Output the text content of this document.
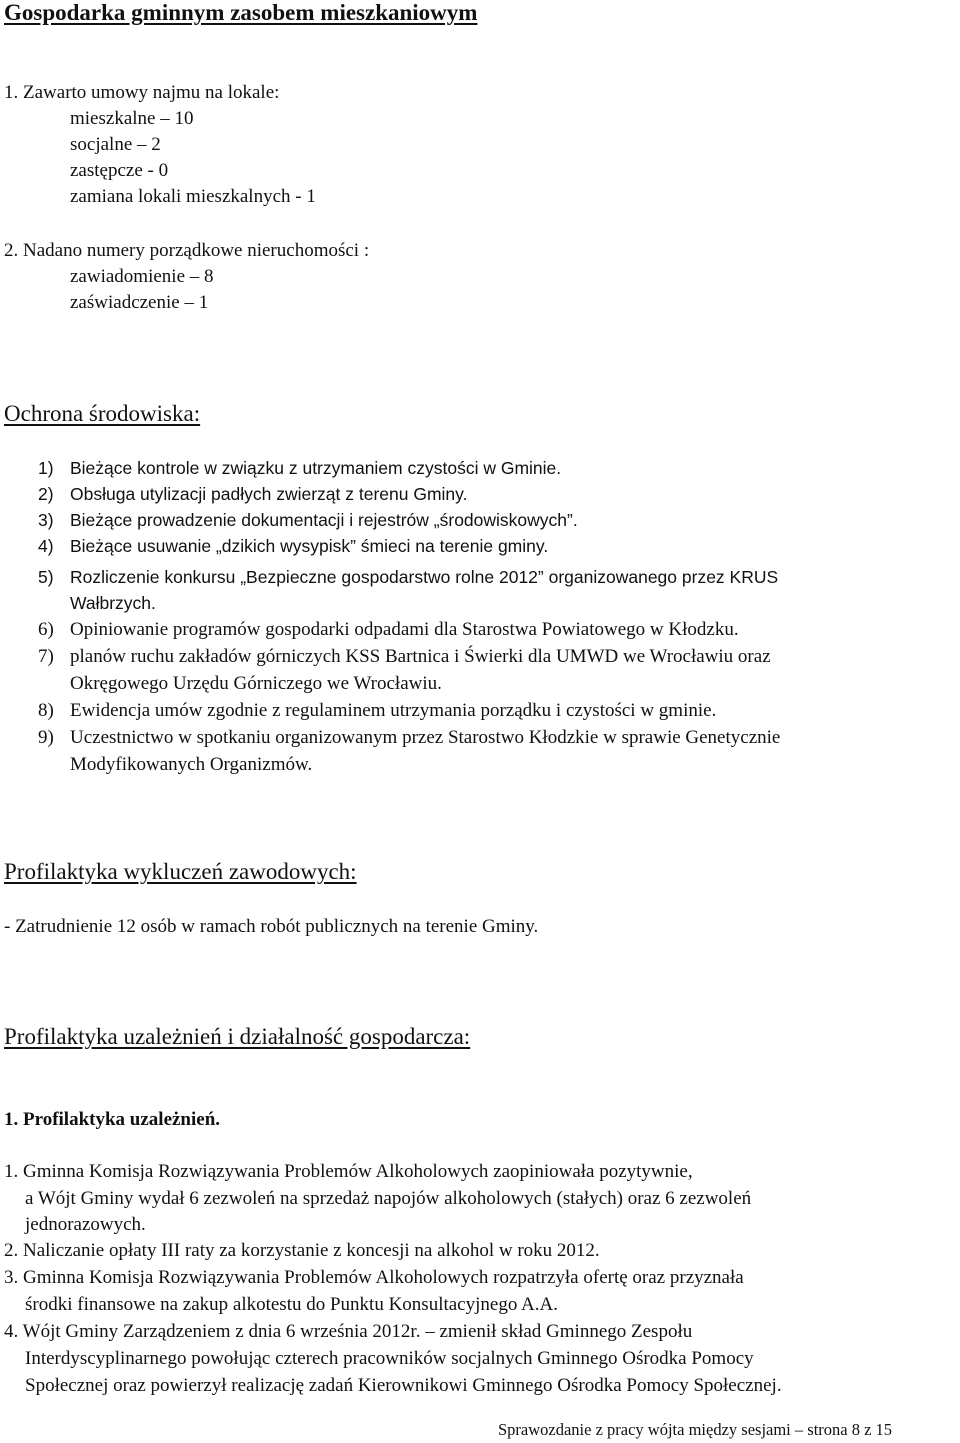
Gospodarka gminnym zasobem mieszkaniowym
1. Zawarto umowy najmu na lokale:
mieszkalne – 10
socjalne – 2
zastępcze - 0
zamiana lokali mieszkalnych - 1
2. Nadano numery porządkowe nieruchomości :
zawiadomienie – 8
zaświadczenie – 1
Ochrona środowiska:
1) Bieżące kontrole w związku z utrzymaniem czystości w Gminie.
2) Obsługa utylizacji padłych zwierząt z terenu Gminy.
3) Bieżące prowadzenie dokumentacji i rejestrów „środowiskowych”.
4) Bieżące usuwanie „dzikich wysypisk” śmieci na terenie gminy.
5) Rozliczenie konkursu „Bezpieczne gospodarstwo rolne 2012” organizowanego przez KRUS
Wałbrzych.
6) Opiniowanie programów gospodarki odpadami dla Starostwa Powiatowego w Kłodzku.
7) planów ruchu zakładów górniczych KSS Bartnica i Świerki dla UMWD we Wrocławiu oraz
Okręgowego Urzędu Górniczego we Wrocławiu.
8) Ewidencja umów zgodnie z regulaminem utrzymania porządku i czystości w gminie.
9) Uczestnictwo w spotkaniu organizowanym przez Starostwo Kłodzkie w sprawie Genetycznie
Modyfikowanych Organizmów.
Profilaktyka wykluczeń zawodowych:
- Zatrudnienie 12 osób w ramach robót publicznych na terenie Gminy.
Profilaktyka uzależnień i działalność gospodarcza:
1. Profilaktyka uzależnień.
1. Gminna Komisja Rozwiązywania Problemów Alkoholowych zaopiniowała pozytywnie,
a Wójt Gminy wydał 6 zezwoleń na sprzedaż napojów alkoholowych (stałych) oraz 6 zezwoleń
jednorazowych.
2. Naliczanie opłaty III raty za korzystanie z koncesji na alkohol w roku 2012.
3. Gminna Komisja Rozwiązywania Problemów Alkoholowych rozpatrzyła ofertę oraz przyznała
środki finansowe na zakup alkotestu do Punktu Konsultacyjnego A.A.
4. Wójt Gminy Zarządzeniem z dnia 6 września 2012r. – zmienił skład Gminnego Zespołu
Interdyscyplinarnego powołując czterech pracowników socjalnych Gminnego Ośrodka Pomocy
Społecznej oraz powierzył realizację zadań Kierownikowi Gminnego Ośrodka Pomocy Społecznej.
Sprawozdanie z pracy wójta między sesjami – strona 8 z 15
